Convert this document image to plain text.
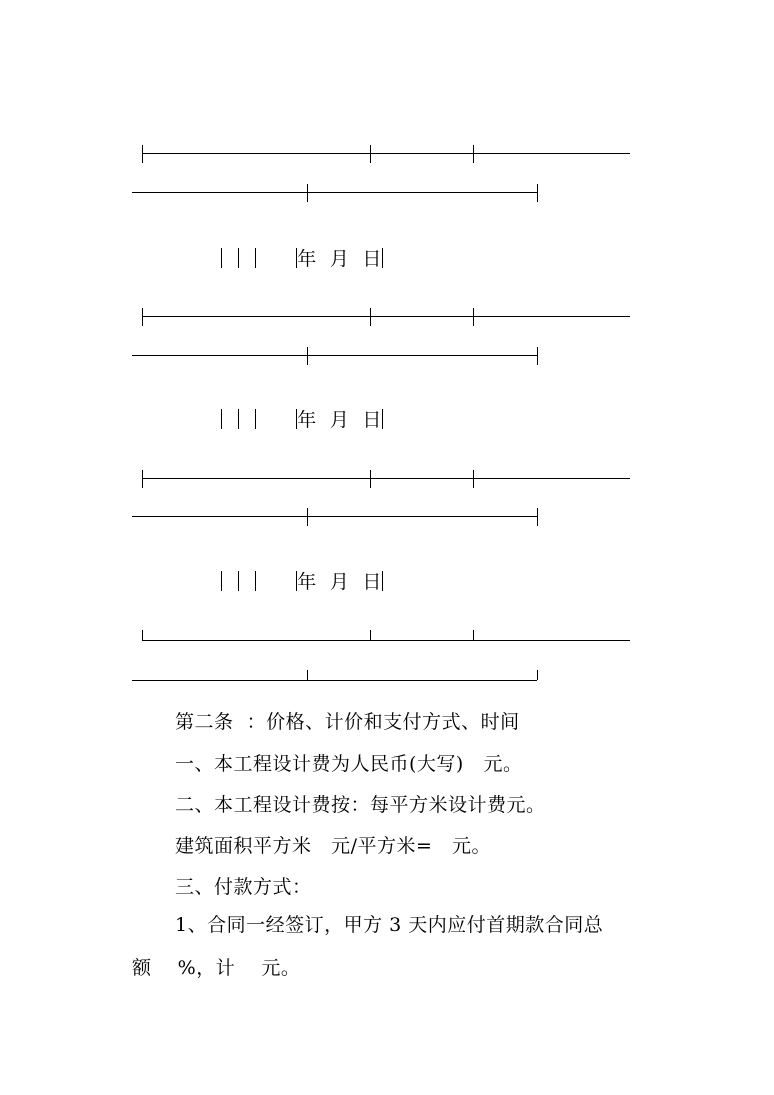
年  月  日

年  月  日

年  月  日

第二条  ：价格、计价和支付方式、时间
一、本工程设计费为人民币(大写)   元。
二、本工程设计费按：每平方米设计费元。
建筑面积平方米   元/平方米=   元。
三、付款方式：
1、合同一经签订，甲方 3 天内应付首期款合同总
额    %，计    元。
